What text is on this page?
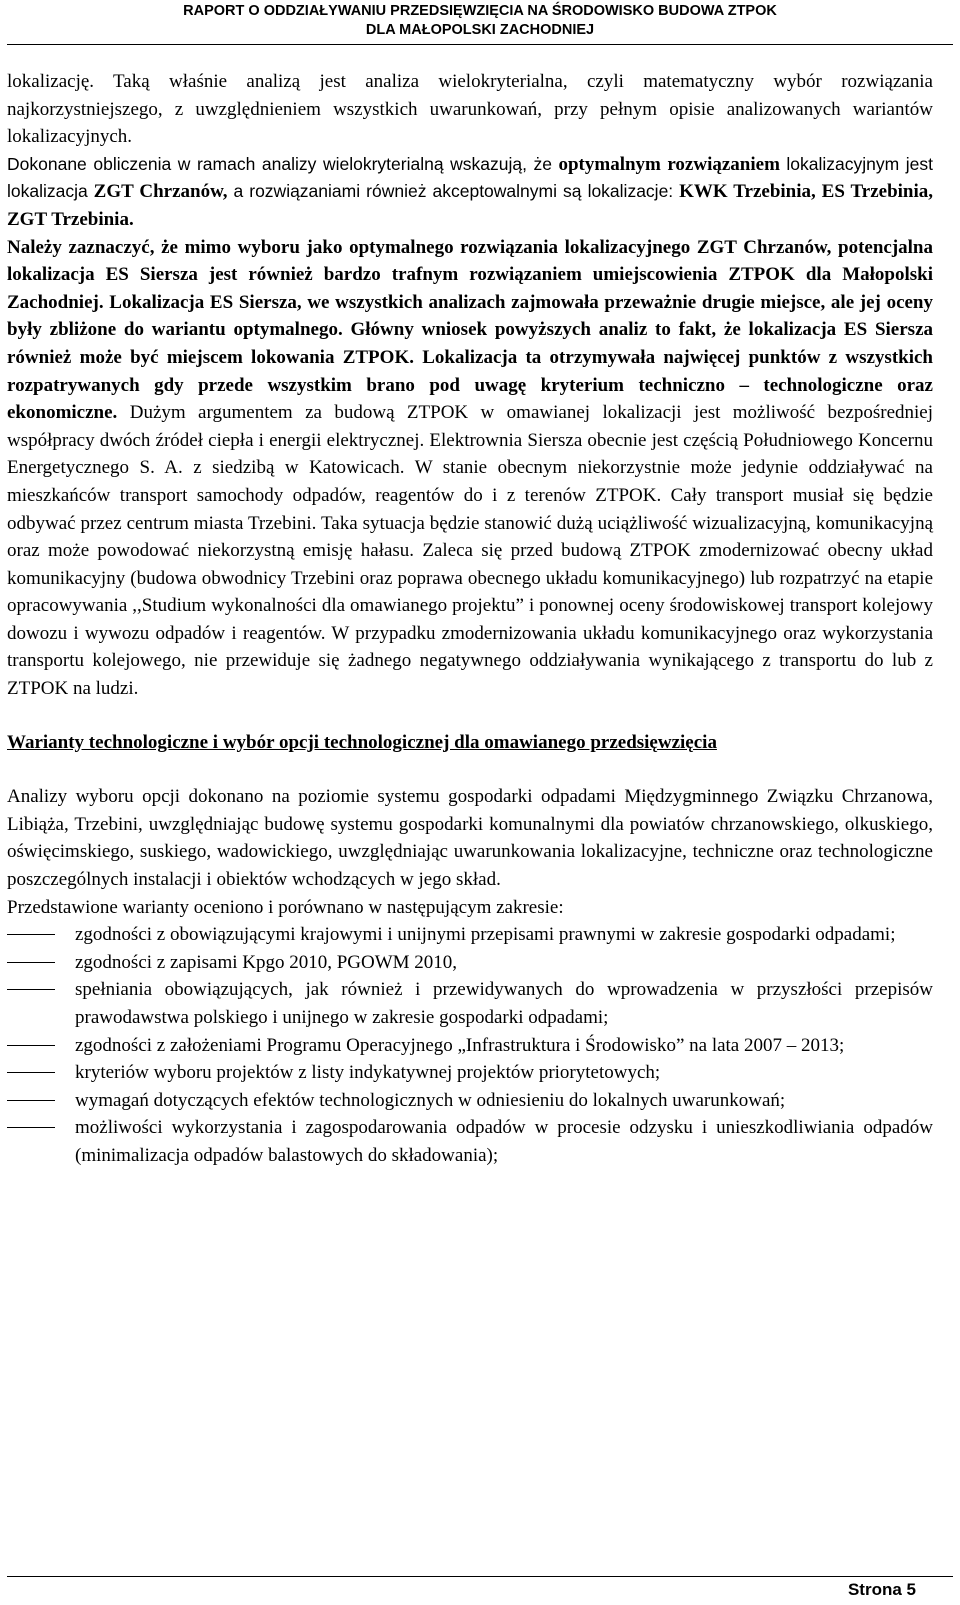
RAPORT O ODDZIAŁYWANIU PRZEDSIĘWZIĘCIA NA ŚRODOWISKO BUDOWA ZTPOK
DLA MAŁOPOLSKI ZACHODNIEJ

lokalizację. Taką właśnie analizą jest analiza wielokryterialna, czyli matematyczny wybór rozwiązania najkorzystniejszego, z uwzględnieniem wszystkich uwarunkowań, przy pełnym opisie analizowanych wariantów lokalizacyjnych.

Dokonane obliczenia w ramach analizy wielokryterialną wskazują, że optymalnym rozwiązaniem lokalizacyjnym jest lokalizacja ZGT Chrzanów, a rozwiązaniami również akceptowalnymi są lokalizacje: KWK Trzebinia, ES Trzebinia, ZGT Trzebinia.

Należy zaznaczyć, że mimo wyboru jako optymalnego rozwiązania lokalizacyjnego ZGT Chrzanów, potencjalna lokalizacja ES Siersza jest również bardzo trafnym rozwiązaniem umiejscowienia ZTPOK dla Małopolski Zachodniej. Lokalizacja ES Siersza, we wszystkich analizach zajmowała przeważnie drugie miejsce, ale jej oceny były zbliżone do wariantu optymalnego. Główny wniosek powyższych analiz to fakt, że lokalizacja ES Siersza również może być miejscem lokowania ZTPOK. Lokalizacja ta otrzymywała najwięcej punktów z wszystkich rozpatrywanych gdy przede wszystkim brano pod uwagę kryterium techniczno – technologiczne oraz ekonomiczne. Dużym argumentem za budową ZTPOK w omawianej lokalizacji jest możliwość bezpośredniej współpracy dwóch źródeł ciepła i energii elektrycznej. Elektrownia Siersza obecnie jest częścią Południowego Koncernu Energetycznego S. A. z siedzibą w Katowicach. W stanie obecnym niekorzystnie może jedynie oddziaływać na mieszkańców transport samochody odpadów, reagentów do i z terenów ZTPOK. Cały transport musiał się będzie odbywać przez centrum miasta Trzebini. Taka sytuacja będzie stanowić dużą uciążliwość wizualizacyjną, komunikacyjną oraz może powodować niekorzystną emisję hałasu. Zaleca się przed budową ZTPOK zmodernizować obecny układ komunikacyjny (budowa obwodnicy Trzebini oraz poprawa obecnego układu komunikacyjnego) lub rozpatrzyć na etapie opracowywania ,,Studium wykonalności dla omawianego projektu” i ponownej oceny środowiskowej transport kolejowy dowozu i wywozu odpadów i reagentów. W przypadku zmodernizowania układu komunikacyjnego oraz wykorzystania transportu kolejowego, nie przewiduje się żadnego negatywnego oddziaływania wynikającego z transportu do lub z ZTPOK na ludzi.

Warianty technologiczne i wybór opcji technologicznej dla omawianego przedsięwzięcia

Analizy wyboru opcji dokonano na poziomie systemu gospodarki odpadami Międzygminnego Związku Chrzanowa, Libiąża, Trzebini, uwzględniając budowę systemu gospodarki komunalnymi dla powiatów chrzanowskiego, olkuskiego, oświęcimskiego, suskiego, wadowickiego, uwzględniając uwarunkowania lokalizacyjne, techniczne oraz technologiczne poszczególnych instalacji i obiektów wchodzących w jego skład.

Przedstawione warianty oceniono i porównano w następującym zakresie:

zgodności z obowiązującymi krajowymi i unijnymi przepisami prawnymi w zakresie gospodarki odpadami;
zgodności z zapisami Kpgo 2010, PGOWM 2010,
spełniania obowiązujących, jak również i przewidywanych do wprowadzenia w przyszłości przepisów prawodawstwa polskiego i unijnego w zakresie gospodarki odpadami;
zgodności z założeniami Programu Operacyjnego „Infrastruktura i Środowisko” na lata 2007 – 2013;
kryteriów wyboru projektów z listy indykatywnej projektów priorytetowych;
wymagań dotyczących efektów technologicznych w odniesieniu do lokalnych uwarunkowań;
możliwości wykorzystania i zagospodarowania odpadów w procesie odzysku i unieszkodliwiania odpadów (minimalizacja odpadów balastowych do składowania);
Strona 5
